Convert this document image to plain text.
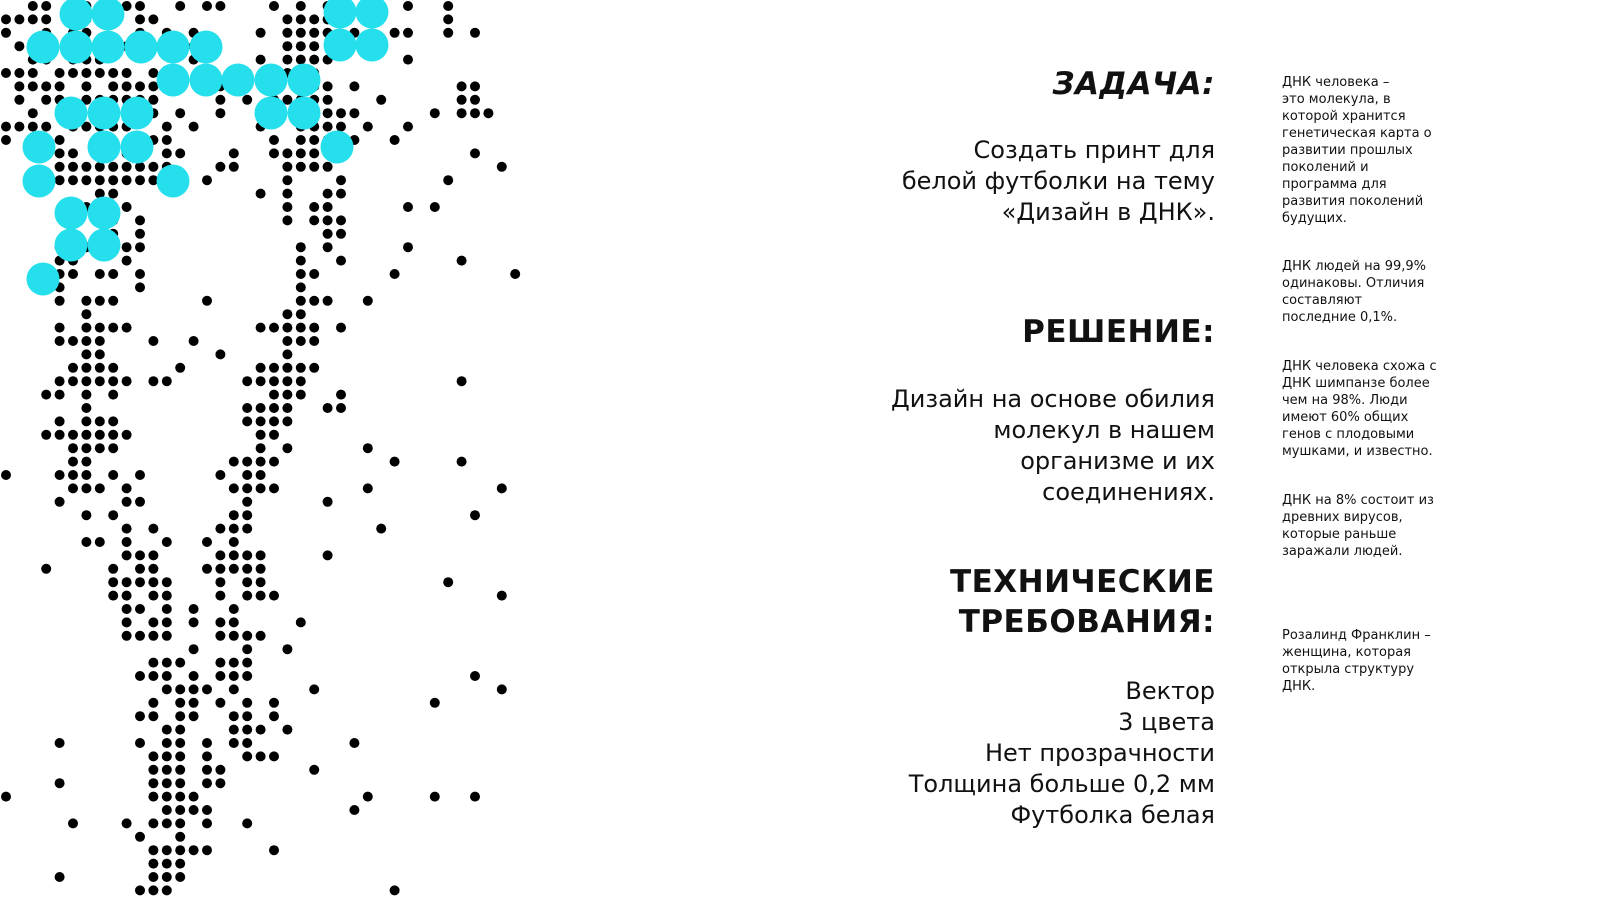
ЗАДАЧА:
Создать принт для
белой футболки на тему
«Дизайн в ДНК».
РЕШЕНИЕ:
Дизайн на основе обилия
молекул в нашем
организме и их
соединениях.
ТЕХНИЧЕСКИЕ
ТРЕБОВАНИЯ:
Вектор
3 цвета
Нет прозрачности
Толщина больше 0,2 мм
Футболка белая
ДНК человека –
это молекула, в
которой хранится
генетическая карта о
развитии прошлых
поколений и
программа для
развития поколений
будущих.
ДНК людей на 99,9%
одинаковы. Отличия
составляют
последние 0,1%.
ДНК человека схожа с
ДНК шимпанзе более
чем на 98%. Люди
имеют 60% общих
генов с плодовыми
мушками, и известно.
ДНК на 8% состоит из
древних вирусов,
которые раньше
заражали людей.
Розалинд Франклин –
женщина, которая
открыла структуру
ДНК.
